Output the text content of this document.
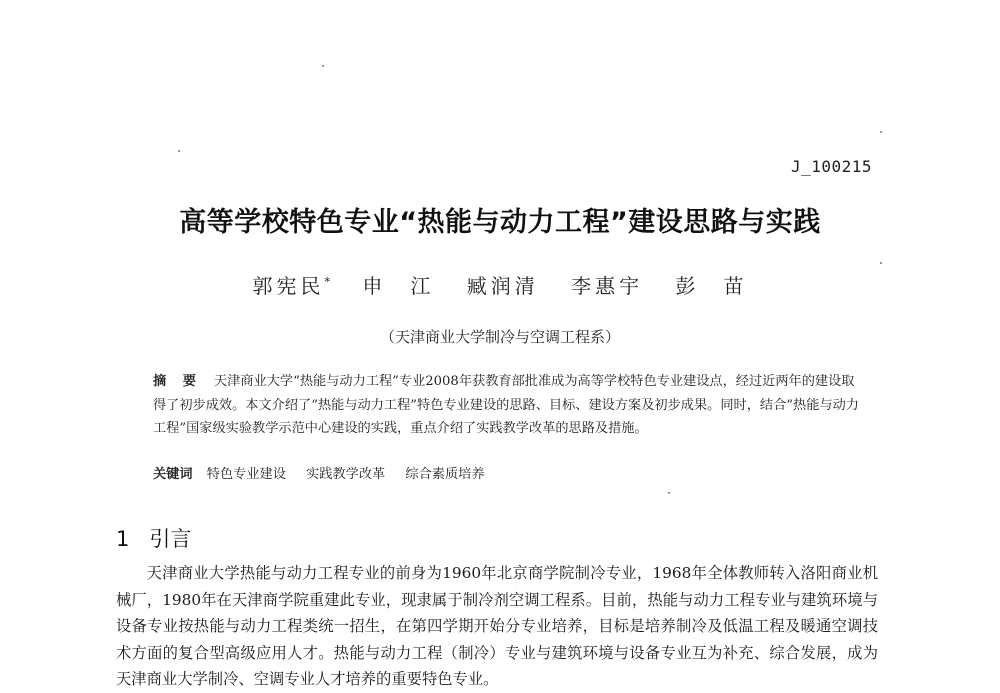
J_100215
高等学校特色专业“热能与动力工程”建设思路与实践
郭宪民* 申　江 臧润清 李惠宇 彭　苗
（天津商业大学制冷与空调工程系）
摘 要 天津商业大学“热能与动力工程”专业2008年获教育部批准成为高等学校特色专业建设点，经过近两年的建设取得了初步成效。本文介绍了“热能与动力工程”特色专业建设的思路、目标、建设方案及初步成果。同时，结合“热能与动力工程”国家级实验教学示范中心建设的实践，重点介绍了实践教学改革的思路及措施。
关键词 特色专业建设 实践教学改革 综合素质培养
1 引言
天津商业大学热能与动力工程专业的前身为1960年北京商学院制冷专业，1968年全体教师转入洛阳商业机械厂，1980年在天津商学院重建此专业，现隶属于制冷剂空调工程系。目前，热能与动力工程专业与建筑环境与设备专业按热能与动力工程类统一招生，在第四学期开始分专业培养，目标是培养制冷及低温工程及暖通空调技术方面的复合型高级应用人才。热能与动力工程（制冷）专业与建筑环境与设备专业互为补充、综合发展，成为天津商业大学制冷、空调专业人才培养的重要特色专业。
